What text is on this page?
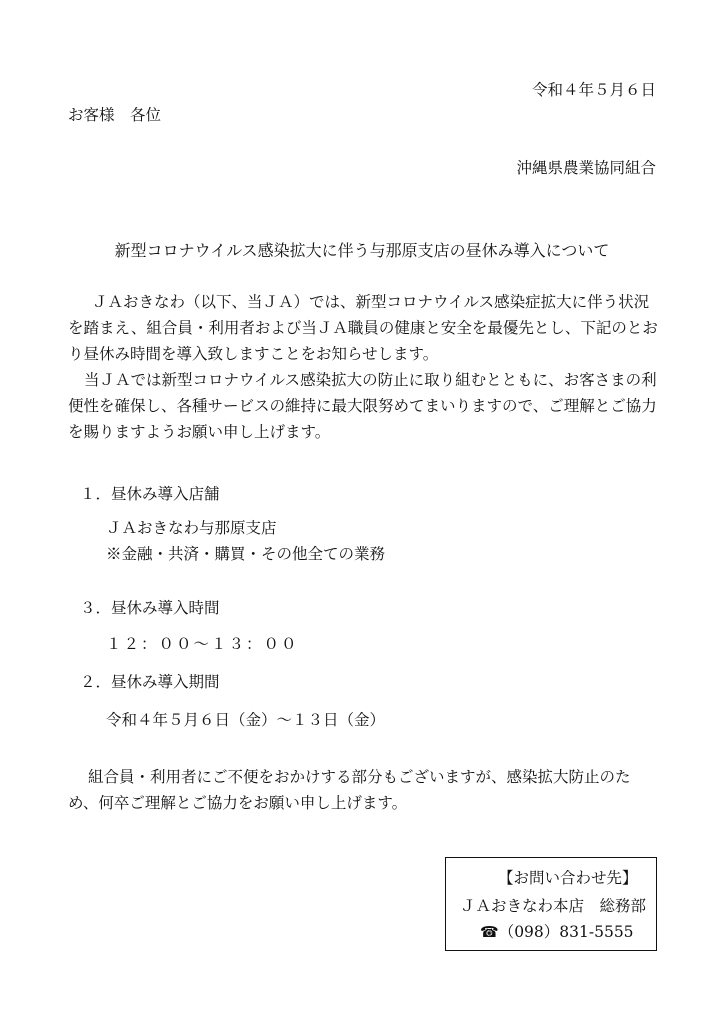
令和４年５月６日
お客様　各位
沖縄県農業協同組合
新型コロナウイルス感染拡大に伴う与那原支店の昼休み導入について
ＪＡおきなわ（以下、当ＪＡ）では、新型コロナウイルス感染症拡大に伴う状況を踏まえ、組合員・利用者および当ＪＡ職員の健康と安全を最優先とし、下記のとおり昼休み時間を導入致しますことをお知らせします。
当ＪＡでは新型コロナウイルス感染拡大の防止に取り組むとともに、お客さまの利便性を確保し、各種サービスの維持に最大限努めてまいりますので、ご理解とご協力を賜りますようお願い申し上げます。
１．昼休み導入店舗
ＪＡおきなわ与那原支店
※金融・共済・購買・その他全ての業務
３．昼休み導入時間
１２：００～１３：００
２．昼休み導入期間
令和４年５月６日（金）～１３日（金）
組合員・利用者にご不便をおかけする部分もございますが、感染拡大防止のため、何卒ご理解とご協力をお願い申し上げます。
【お問い合わせ先】
ＪＡおきなわ本店　総務部
☎（098）831-5555
